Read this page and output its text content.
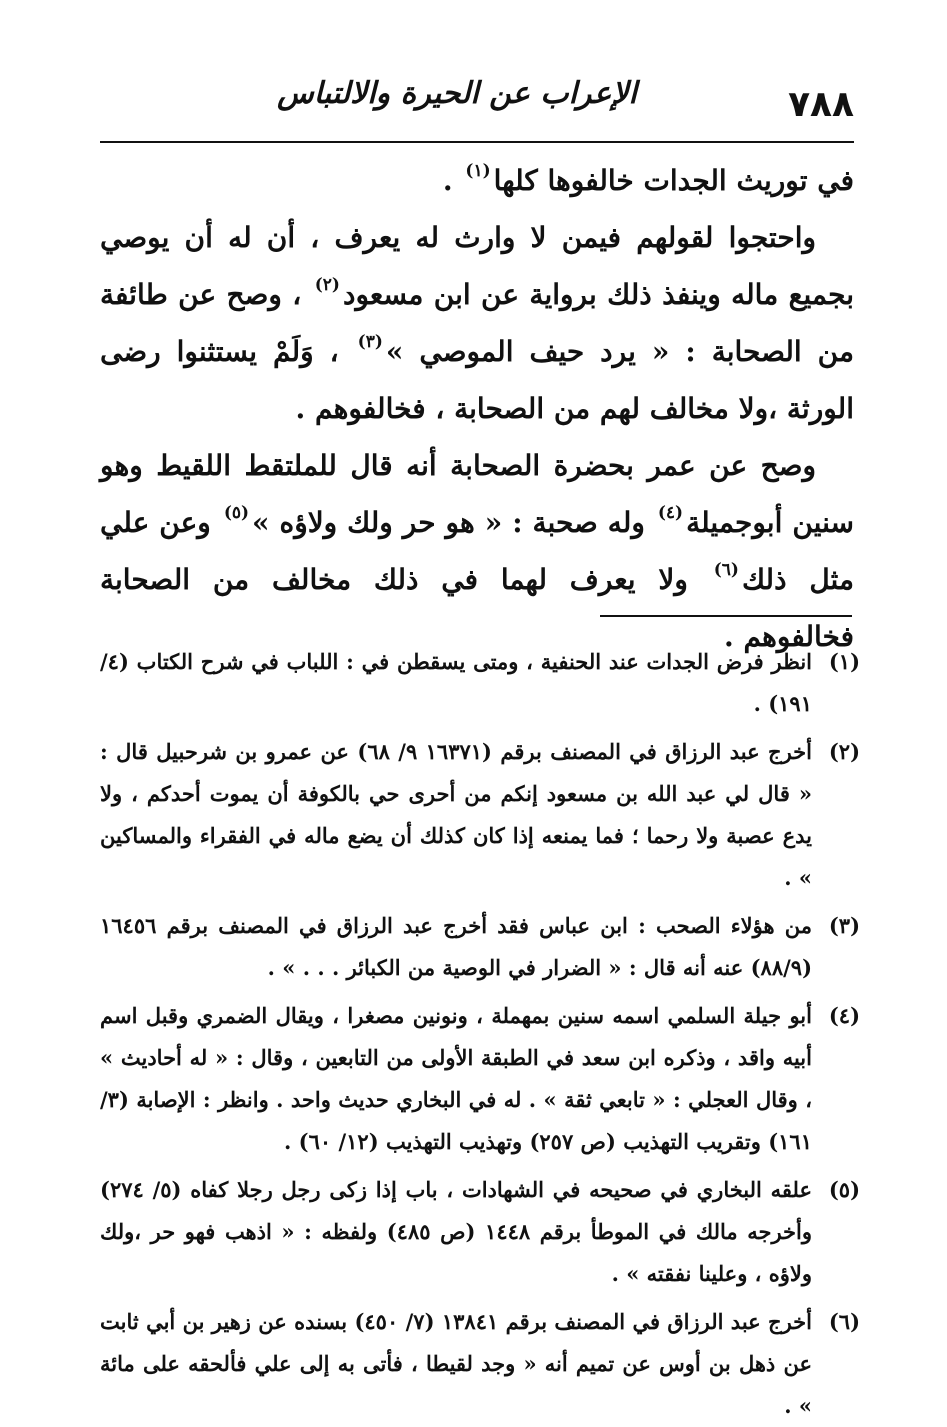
٧٨٨
الإعراب عن الحيرة والالتباس

في توريث الجدات خالفوها كلها$^{(١)}$ .

واحتجوا لقولهم فيمن لا وارث له يعرف ، أن له أن يوصي بجميع ماله وينفذ ذلك برواية عن ابن مسعود$^{(٢)}$ ، وصح عن طائفة من الصحابة : « يرد حيف الموصي »$^{(٣)}$ ، وَلَمْ يستثنوا رضى الورثة ،ولا مخالف لهم من الصحابة ، فخالفوهم .

وصح عن عمر بحضرة الصحابة أنه قال للملتقط اللقيط وهو سنين أبوجميلة$^{(٤)}$ وله صحبة : « هو حر ولك ولاؤه »$^{(٥)}$ وعن علي مثل ذلك$^{(٦)}$ ولا يعرف لهما في ذلك مخالف من الصحابة فخالفوهم .

(١)
انظر فرض الجدات عند الحنفية ، ومتى يسقطن في : اللباب في شرح الكتاب (٤/ ١٩١) .
(٢)
أخرج عبد الرزاق في المصنف برقم (١٦٣٧١ ٩/ ٦٨) عن عمرو بن شرحبيل قال : « قال لي عبد الله بن مسعود إنكم من أحرى حي بالكوفة أن يموت أحدكم ، ولا يدع عصبة ولا رحما ؛ فما يمنعه إذا كان كذلك أن يضع ماله في الفقراء والمساكين » .
(٣)
من هؤلاء الصحب : ابن عباس فقد أخرج عبد الرزاق في المصنف برقم ١٦٤٥٦ (٨٨/٩) عنه أنه قال : « الضرار في الوصية من الكبائر . . . » .
(٤)
أبو جيلة السلمي اسمه سنين بمهملة ، ونونين مصغرا ، ويقال الضمري وقبل اسم أبيه واقد ، وذكره ابن سعد في الطبقة الأولى من التابعين ، وقال : « له أحاديث » ، وقال العجلي : « تابعي ثقة » . له في البخاري حديث واحد . وانظر : الإصابة (٣/ ١٦١) وتقريب التهذيب (ص ٢٥٧) وتهذيب التهذيب (١٢/ ٦٠) .
(٥)
علقه البخاري في صحيحه في الشهادات ، باب إذا زكى رجل رجلا كفاه (٥/ ٢٧٤) وأخرجه مالك في الموطأ برقم ١٤٤٨ (ص ٤٨٥) ولفظه : « اذهب فهو حر ،ولك ولاؤه ، وعلينا نفقته » .
(٦)
أخرج عبد الرزاق في المصنف برقم ١٣٨٤١ (٧/ ٤٥٠) بسنده عن زهير بن أبي ثابت عن ذهل بن أوس عن تميم أنه « وجد لقيطا ، فأتى به إلى علي فألحقه على مائة » .
